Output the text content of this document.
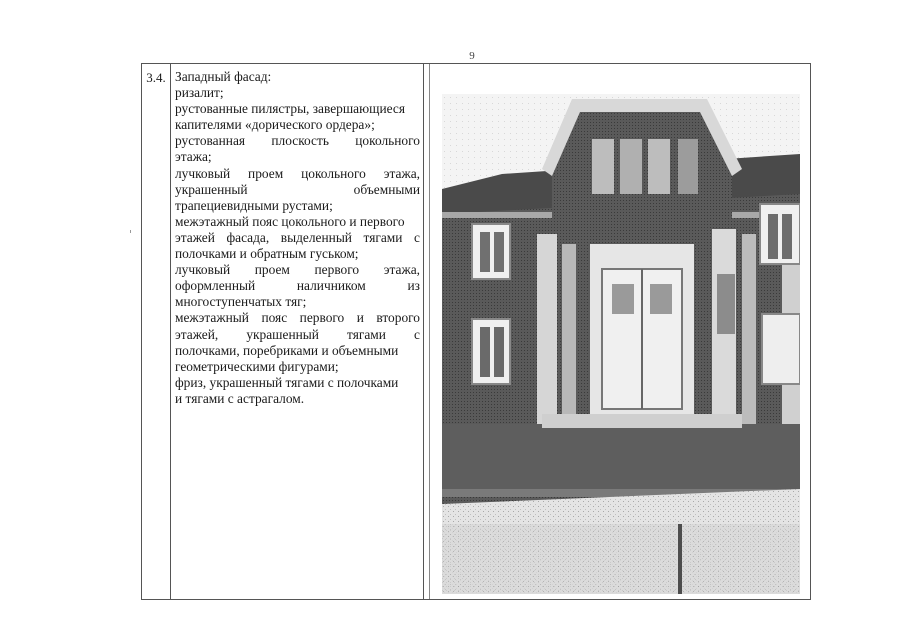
9
3.4. Западный фасад:
ризалит;
рустованные пилястры, завершающиеся
капителями «дорического ордера»;
рустованная плоскость цокольного
этажа;
лучковый проем цокольного этажа,
украшенный	объемными
трапециевидными рустами;
межэтажный пояс цокольного и первого
этажей фасада, выделенный тягами с
полочками и обратным гуськом;
лучковый проем первого этажа,
оформленный	наличником	из
многоступенчатых тяг;
межэтажный пояс первого и второго
этажей, украшенный тягами с
полочками, поребриками и объемными
геометрическими фигурами;
фриз, украшенный тягами с полочками
и тягами с астрагалом.
